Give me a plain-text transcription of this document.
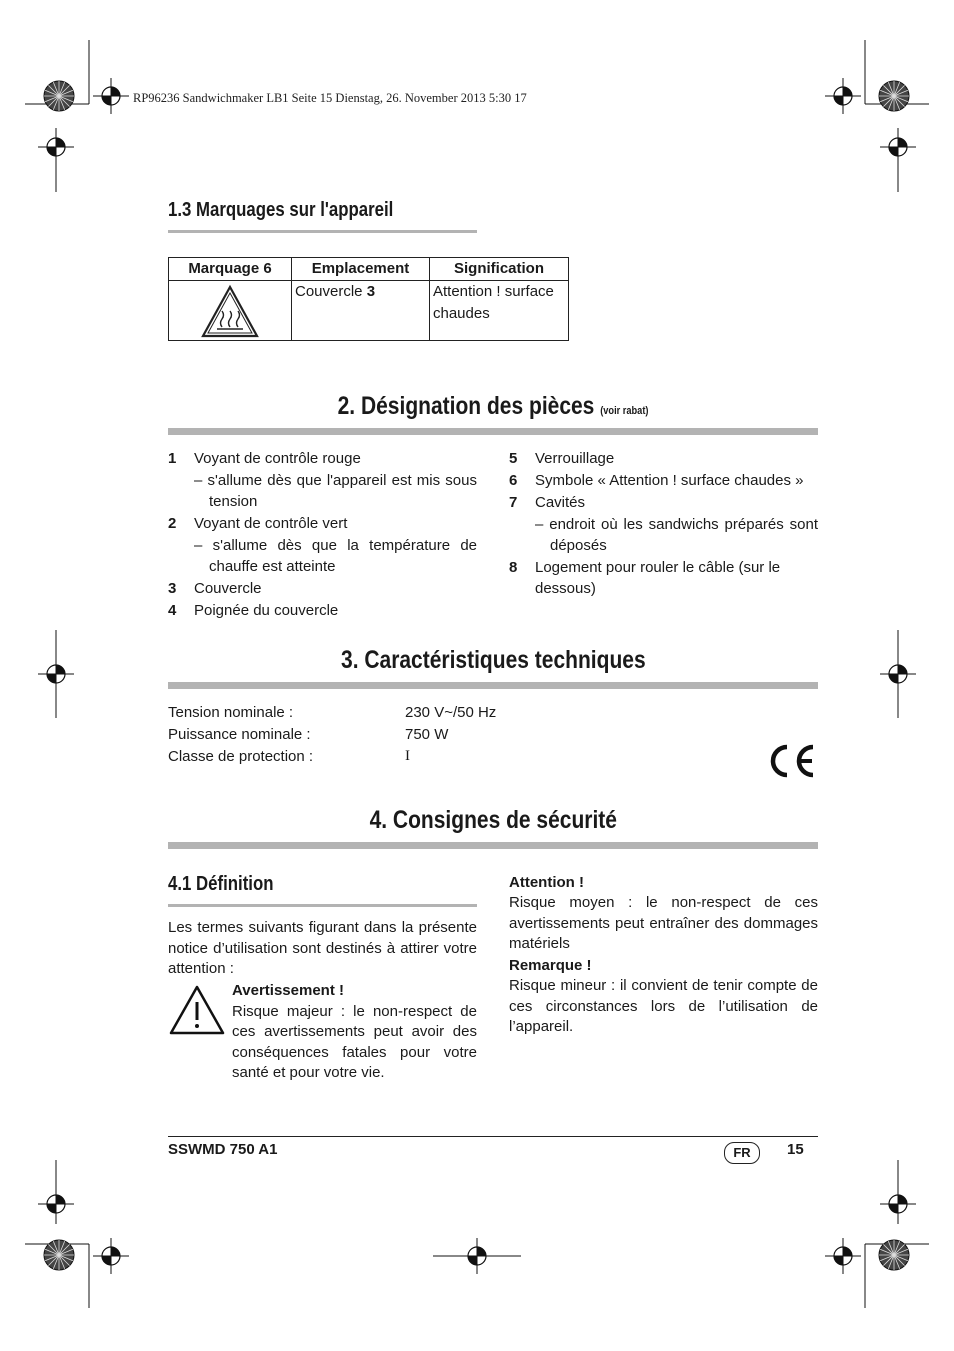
RP96236 Sandwichmaker LB1 Seite 15 Dienstag, 26. November 2013 5:30 17
1.3 Marquages sur l'appareil
Marquage 6	Emplacement	Signification

	Couvercle 3	Attention ! surface chaudes
2. Désignation des pièces (voir rabat)
1 Voyant de contrôle rouge
– s'allume dès que l'appareil est mis sous tension
2 Voyant de contrôle vert
– s'allume dès que la température de chauffe est atteinte
3 Couvercle
4 Poignée du couvercle
5 Verrouillage
6 Symbole « Attention ! surface chaudes »
7 Cavités
– endroit où les sandwichs préparés sont déposés
8	Logement pour rouler le câble (sur le dessous)
3. Caractéristiques techniques
Tension nominale :	230 V~/50 Hz
Puissance nominale :	750 W
Classe de protection :	I
4. Consignes de sécurité
4.1 Définition
Les termes suivants figurant dans la présente notice d’utilisation sont destinés à attirer votre attention :
Avertissement !
Risque majeur : le non-respect de ces avertissements peut avoir des conséquences fatales pour votre santé et pour votre vie.
Attention !
Risque moyen : le non-respect de ces avertissements peut entraîner des dommages matériels
Remarque !
Risque mineur : il convient de tenir compte de ces circonstances lors de l’utilisation de l’appareil.
SSWMD 750 A1	FR	15
